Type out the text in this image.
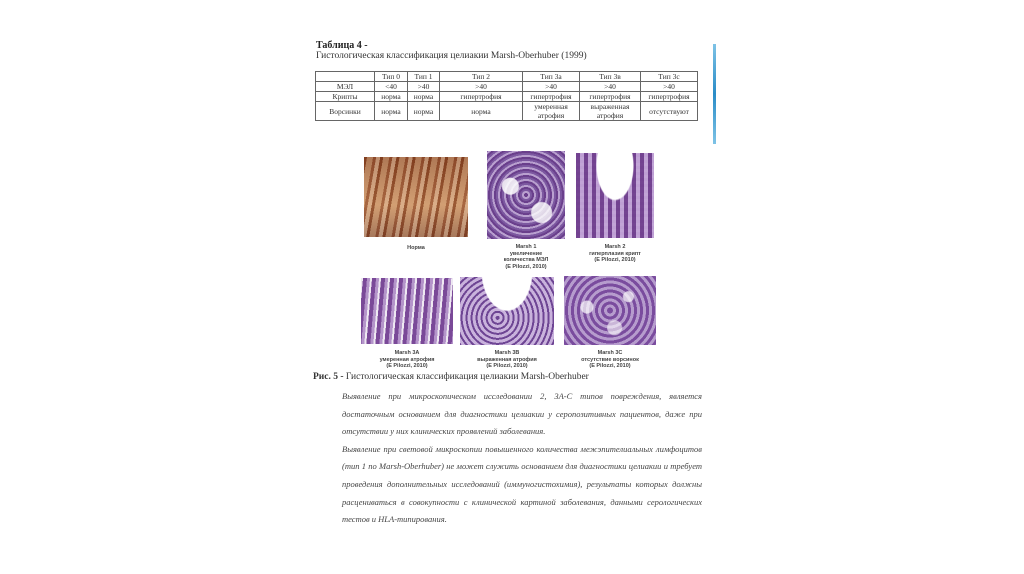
Таблица 4 -
Гистологическая классификация целиакии Marsh-Oberhuber (1999)
	Тип 0	Тип 1	Тип 2	Тип 3а	Тип 3в	Тип 3с
МЭЛ	<40	>40	>40	>40	>40	>40
Крипты	норма	норма	гипертрофия	гипертрофия	гипертрофия	гипертрофия
Ворсинки	норма	норма	норма	умеренная атрофия	выраженная атрофия	отсутствуют
Норма	Marsh 1
увеличение
количества МЭЛ
(E Pilozzi, 2010)
Marsh 2
гиперплазия крипт
(E Pilozzi, 2010)
Marsh 3A
умеренная атрофия
(E Pilozzi, 2010)
Marsh 3B
выраженная атрофия
(E Pilozzi, 2010)
Marsh 3C
отсутствие ворсинок
(E Pilozzi, 2010)
Рис. 5 - Гистологическая классификация целиакии Marsh-Oberhuber

Выявление при микроскопическом исследовании 2, 3А-С типов повреждения, является достаточным основанием для диагностики целиакии у серопозитивных пациентов, даже при отсутствии у них клинических проявлений заболевания.

Выявление при световой микроскопии повышенного количества межэпителиальных лимфоцитов (тип 1 по Marsh-Oberhuber) не может служить основанием для диагностики целиакии и требует проведения дополнительных исследований (иммуногистохимия), результаты которых должны расцениваться в совокупности с клинической картиной заболевания, данными серологических тестов и HLA-типирования.
